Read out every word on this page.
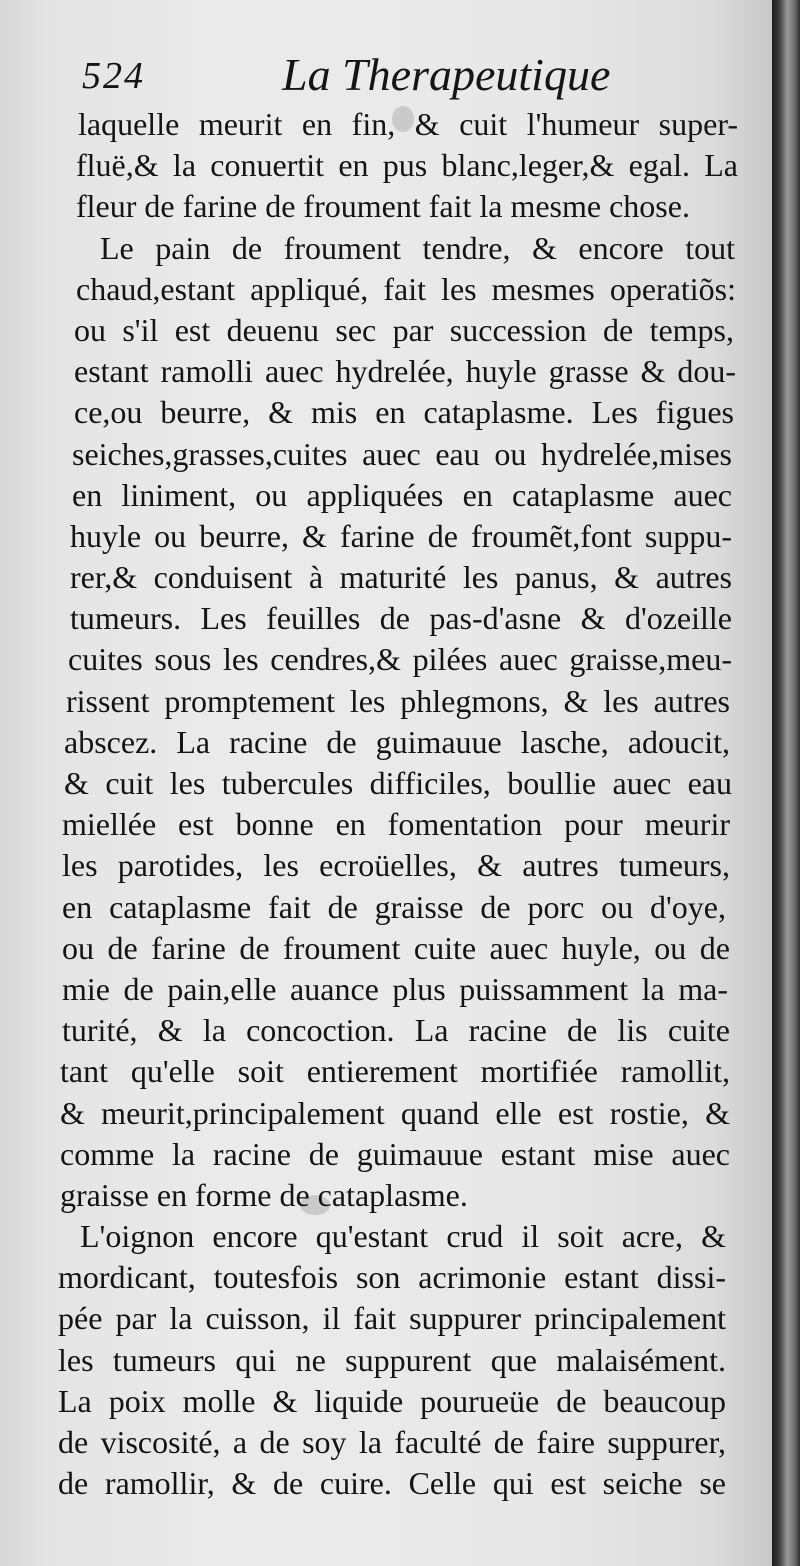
524	La Therapeutique
laquelle meurit en fin, & cuit l'humeur super-
fluë,& la conuertit en pus blanc,leger,& egal. La
fleur de farine de froument fait la mesme chose.
Le pain de froument tendre, & encore tout
chaud,estant appliqué, fait les mesmes operatiõs:
ou s'il est deuenu sec par succession de temps,
estant ramolli auec hydrelée, huyle grasse & dou-
ce,ou beurre, & mis en cataplasme. Les figues
seiches,grasses,cuites auec eau ou hydrelée,mises
en liniment, ou appliquées en cataplasme auec
huyle ou beurre, & farine de froumẽt,font suppu-
rer,& conduisent à maturité les panus, & autres
tumeurs. Les feuilles de pas-d'asne & d'ozeille
cuites sous les cendres,& pilées auec graisse,meu-
rissent promptement les phlegmons, & les autres
abscez. La racine de guimauue lasche, adoucit,
& cuit les tubercules difficiles, boullie auec eau
miellée est bonne en fomentation pour meurir
les parotides, les ecroüelles, & autres tumeurs,
en cataplasme fait de graisse de porc ou d'oye,
ou de farine de froument cuite auec huyle, ou de
mie de pain,elle auance plus puissamment la ma-
turité, & la concoction. La racine de lis cuite
tant qu'elle soit entierement mortifiée ramollit,
& meurit,principalement quand elle est rostie, &
comme la racine de guimauue estant mise auec
graisse en forme de cataplasme.
L'oignon encore qu'estant crud il soit acre, &
mordicant, toutesfois son acrimonie estant dissi-
pée par la cuisson, il fait suppurer principalement
les tumeurs qui ne suppurent que malaisément.
La poix molle & liquide pourueüe de beaucoup
de viscosité, a de soy la faculté de faire suppurer,
de ramollir, & de cuire. Celle qui est seiche se
